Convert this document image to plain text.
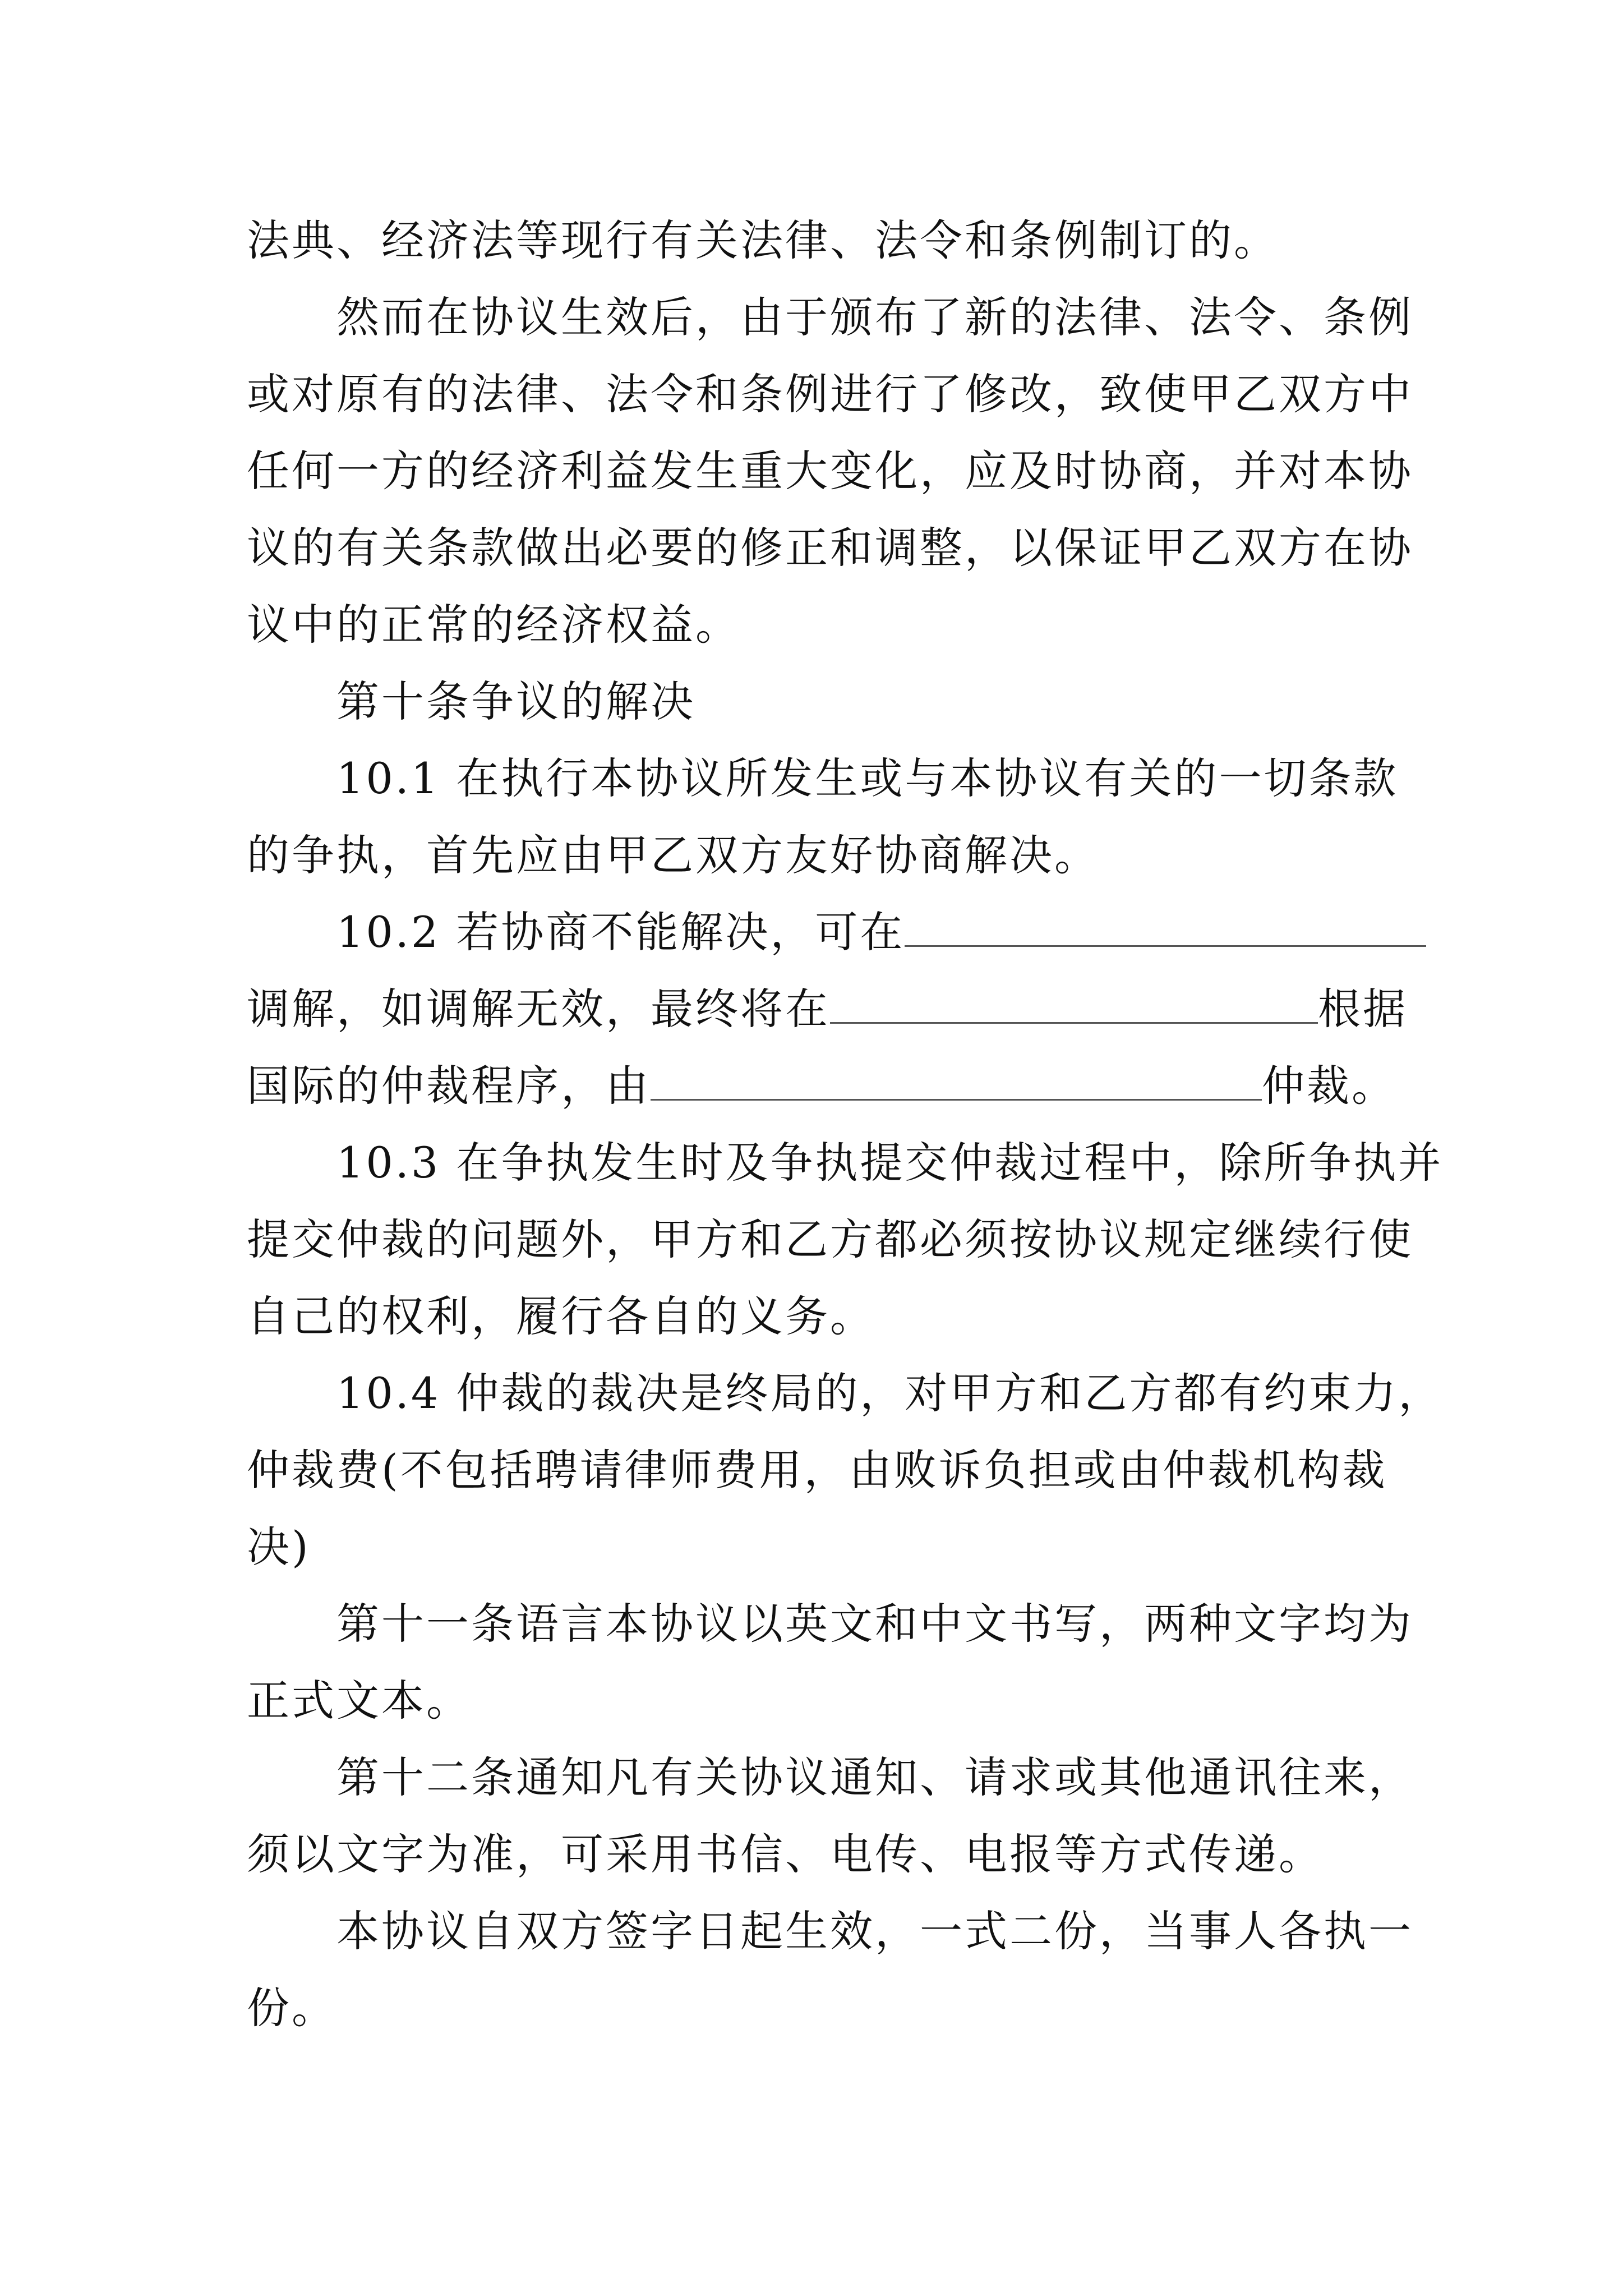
法典、经济法等现行有关法律、法令和条例制订的。
然而在协议生效后，由于颁布了新的法律、法令、条例
或对原有的法律、法令和条例进行了修改，致使甲乙双方中
任何一方的经济利益发生重大变化，应及时协商，并对本协
议的有关条款做出必要的修正和调整，以保证甲乙双方在协
议中的正常的经济权益。
第十条争议的解决
10.1 在执行本协议所发生或与本协议有关的一切条款
的争执，首先应由甲乙双方友好协商解决。
10.2 若协商不能解决，可在
调解，如调解无效，最终将在	根据
国际的仲裁程序，由	仲裁。
10.3 在争执发生时及争执提交仲裁过程中，除所争执并
提交仲裁的问题外，甲方和乙方都必须按协议规定继续行使
自己的权利，履行各自的义务。
10.4 仲裁的裁决是终局的，对甲方和乙方都有约束力，
仲裁费(不包括聘请律师费用，由败诉负担或由仲裁机构裁
决)
第十一条语言本协议以英文和中文书写，两种文字均为
正式文本。
第十二条通知凡有关协议通知、请求或其他通讯往来，
须以文字为准，可采用书信、电传、电报等方式传递。
本协议自双方签字日起生效，一式二份，当事人各执一
份。
